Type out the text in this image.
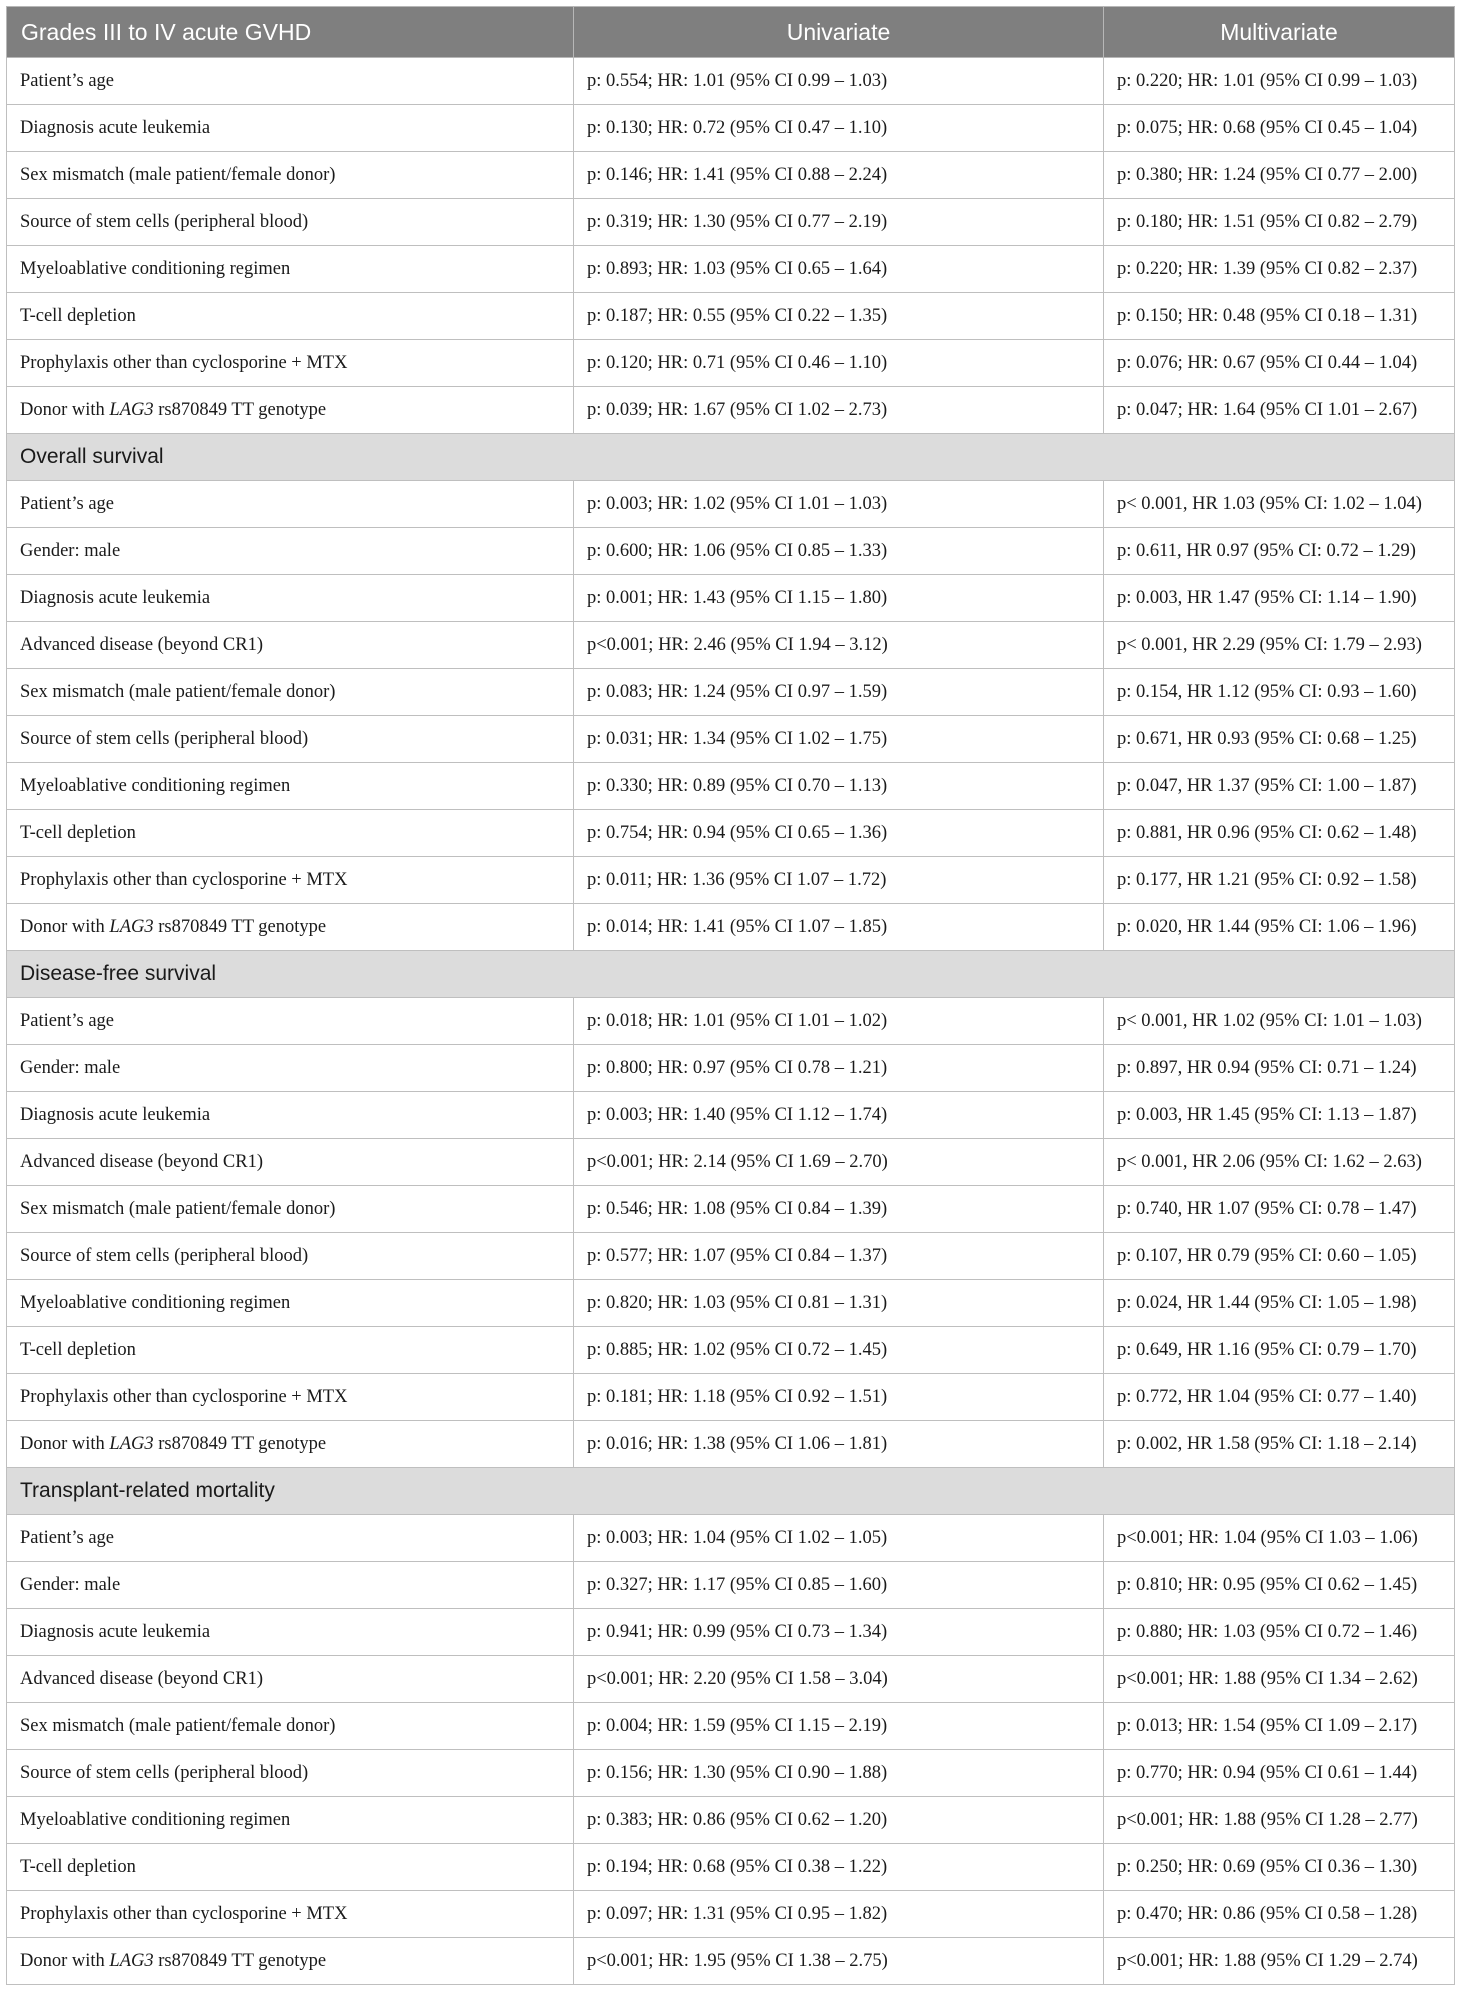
Grades III to IV acute GVHD	Univariate	Multivariate
Patient’s age	p: 0.554; HR: 1.01 (95% CI 0.99 – 1.03)	p: 0.220; HR: 1.01 (95% CI 0.99 – 1.03)
Diagnosis acute leukemia	p: 0.130; HR: 0.72 (95% CI 0.47 – 1.10)	p: 0.075; HR: 0.68 (95% CI 0.45 – 1.04)
Sex mismatch (male patient/female donor)	p: 0.146; HR: 1.41 (95% CI 0.88 – 2.24)	p: 0.380; HR: 1.24 (95% CI 0.77 – 2.00)
Source of stem cells (peripheral blood)	p: 0.319; HR: 1.30 (95% CI 0.77 – 2.19)	p: 0.180; HR: 1.51 (95% CI 0.82 – 2.79)
Myeloablative conditioning regimen	p: 0.893; HR: 1.03 (95% CI 0.65 – 1.64)	p: 0.220; HR: 1.39 (95% CI 0.82 – 2.37)
T-cell depletion	p: 0.187; HR: 0.55 (95% CI 0.22 – 1.35)	p: 0.150; HR: 0.48 (95% CI 0.18 – 1.31)
Prophylaxis other than cyclosporine + MTX	p: 0.120; HR: 0.71 (95% CI 0.46 – 1.10)	p: 0.076; HR: 0.67 (95% CI 0.44 – 1.04)
Donor with LAG3 rs870849 TT genotype	p: 0.039; HR: 1.67 (95% CI 1.02 – 2.73)	p: 0.047; HR: 1.64 (95% CI 1.01 – 2.67)
Overall survival		
Patient’s age	p: 0.003; HR: 1.02 (95% CI 1.01 – 1.03)	p< 0.001, HR 1.03 (95% CI: 1.02 – 1.04)
Gender: male	p: 0.600; HR: 1.06 (95% CI 0.85 – 1.33)	p: 0.611, HR 0.97 (95% CI: 0.72 – 1.29)
Diagnosis acute leukemia	p: 0.001; HR: 1.43 (95% CI 1.15 – 1.80)	p: 0.003, HR 1.47 (95% CI: 1.14 – 1.90)
Advanced disease (beyond CR1)	p<0.001; HR: 2.46 (95% CI 1.94 – 3.12)	p< 0.001, HR 2.29 (95% CI: 1.79 – 2.93)
Sex mismatch (male patient/female donor)	p: 0.083; HR: 1.24 (95% CI 0.97 – 1.59)	p: 0.154, HR 1.12 (95% CI: 0.93 – 1.60)
Source of stem cells (peripheral blood)	p: 0.031; HR: 1.34 (95% CI 1.02 – 1.75)	p: 0.671, HR 0.93 (95% CI: 0.68 – 1.25)
Myeloablative conditioning regimen	p: 0.330; HR: 0.89 (95% CI 0.70 – 1.13)	p: 0.047, HR 1.37 (95% CI: 1.00 – 1.87)
T-cell depletion	p: 0.754; HR: 0.94 (95% CI 0.65 – 1.36)	p: 0.881, HR 0.96 (95% CI: 0.62 – 1.48)
Prophylaxis other than cyclosporine + MTX	p: 0.011; HR: 1.36 (95% CI 1.07 – 1.72)	p: 0.177, HR 1.21 (95% CI: 0.92 – 1.58)
Donor with LAG3 rs870849 TT genotype	p: 0.014; HR: 1.41 (95% CI 1.07 – 1.85)	p: 0.020, HR 1.44 (95% CI: 1.06 – 1.96)
Disease-free survival		
Patient’s age	p: 0.018; HR: 1.01 (95% CI 1.01 – 1.02)	p< 0.001, HR 1.02 (95% CI: 1.01 – 1.03)
Gender: male	p: 0.800; HR: 0.97 (95% CI 0.78 – 1.21)	p: 0.897, HR 0.94 (95% CI: 0.71 – 1.24)
Diagnosis acute leukemia	p: 0.003; HR: 1.40 (95% CI 1.12 – 1.74)	p: 0.003, HR 1.45 (95% CI: 1.13 – 1.87)
Advanced disease (beyond CR1)	p<0.001; HR: 2.14 (95% CI 1.69 – 2.70)	p< 0.001, HR 2.06 (95% CI: 1.62 – 2.63)
Sex mismatch (male patient/female donor)	p: 0.546; HR: 1.08 (95% CI 0.84 – 1.39)	p: 0.740, HR 1.07 (95% CI: 0.78 – 1.47)
Source of stem cells (peripheral blood)	p: 0.577; HR: 1.07 (95% CI 0.84 – 1.37)	p: 0.107, HR 0.79 (95% CI: 0.60 – 1.05)
Myeloablative conditioning regimen	p: 0.820; HR: 1.03 (95% CI 0.81 – 1.31)	p: 0.024, HR 1.44 (95% CI: 1.05 – 1.98)
T-cell depletion	p: 0.885; HR: 1.02 (95% CI 0.72 – 1.45)	p: 0.649, HR 1.16 (95% CI: 0.79 – 1.70)
Prophylaxis other than cyclosporine + MTX	p: 0.181; HR: 1.18 (95% CI 0.92 – 1.51)	p: 0.772, HR 1.04 (95% CI: 0.77 – 1.40)
Donor with LAG3 rs870849 TT genotype	p: 0.016; HR: 1.38 (95% CI 1.06 – 1.81)	p: 0.002, HR 1.58 (95% CI: 1.18 – 2.14)
Transplant-related mortality		
Patient’s age	p: 0.003; HR: 1.04 (95% CI 1.02 – 1.05)	p<0.001; HR: 1.04 (95% CI 1.03 – 1.06)
Gender: male	p: 0.327; HR: 1.17 (95% CI 0.85 – 1.60)	p: 0.810; HR: 0.95 (95% CI 0.62 – 1.45)
Diagnosis acute leukemia	p: 0.941; HR: 0.99 (95% CI 0.73 – 1.34)	p: 0.880; HR: 1.03 (95% CI 0.72 – 1.46)
Advanced disease (beyond CR1)	p<0.001; HR: 2.20 (95% CI 1.58 – 3.04)	p<0.001; HR: 1.88 (95% CI 1.34 – 2.62)
Sex mismatch (male patient/female donor)	p: 0.004; HR: 1.59 (95% CI 1.15 – 2.19)	p: 0.013; HR: 1.54 (95% CI 1.09 – 2.17)
Source of stem cells (peripheral blood)	p: 0.156; HR: 1.30 (95% CI 0.90 – 1.88)	p: 0.770; HR: 0.94 (95% CI 0.61 – 1.44)
Myeloablative conditioning regimen	p: 0.383; HR: 0.86 (95% CI 0.62 – 1.20)	p<0.001; HR: 1.88 (95% CI 1.28 – 2.77)
T-cell depletion	p: 0.194; HR: 0.68 (95% CI 0.38 – 1.22)	p: 0.250; HR: 0.69 (95% CI 0.36 – 1.30)
Prophylaxis other than cyclosporine + MTX	p: 0.097; HR: 1.31 (95% CI 0.95 – 1.82)	p: 0.470; HR: 0.86 (95% CI 0.58 – 1.28)
Donor with LAG3 rs870849 TT genotype	p<0.001; HR: 1.95 (95% CI 1.38 – 2.75)	p<0.001; HR: 1.88 (95% CI 1.29 – 2.74)
